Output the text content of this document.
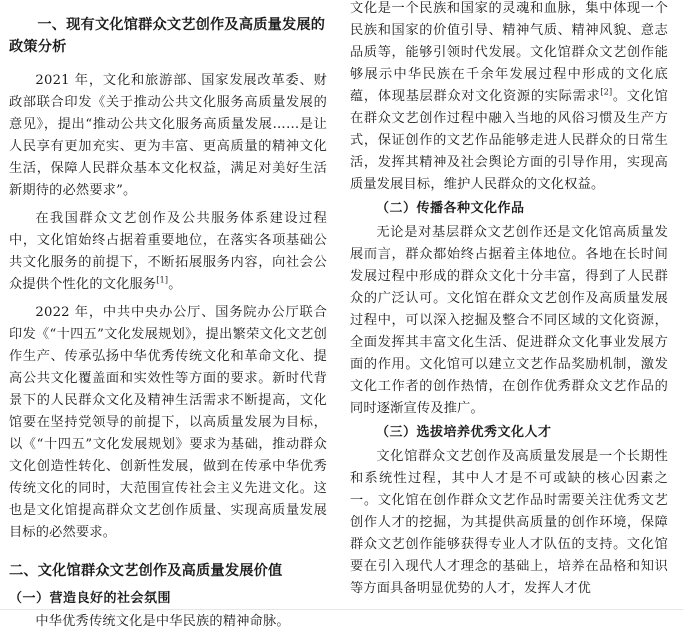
一、现有文化馆群众文艺创作及高质量发展的政策分析

2021 年，文化和旅游部、国家发展改革委、财政部联合印发《关于推动公共文化服务高质量发展的意见》，提出“推动公共文化服务高质量发展……是让人民享有更加充实、更为丰富、更高质量的精神文化生活，保障人民群众基本文化权益，满足对美好生活新期待的必然要求”。

在我国群众文艺创作及公共服务体系建设过程中，文化馆始终占据着重要地位，在落实各项基础公共文化服务的前提下，不断拓展服务内容，向社会公众提供个性化的文化服务[1]。

2022 年，中共中央办公厅、国务院办公厅联合印发《“十四五”文化发展规划》，提出繁荣文化文艺创作生产、传承弘扬中华优秀传统文化和革命文化、提高公共文化覆盖面和实效性等方面的要求。新时代背景下的人民群众文化及精神生活需求不断提高，文化馆要在坚持党领导的前提下，以高质量发展为目标，以《“十四五”文化发展规划》要求为基础，推动群众文化创造性转化、创新性发展，做到在传承中华优秀传统文化的同时，大范围宣传社会主义先进文化。这也是文化馆提高群众文艺创作质量、实现高质量发展目标的必然要求。

二、文化馆群众文艺创作及高质量发展价值
（一）营造良好的社会氛围

中华优秀传统文化是中华民族的精神命脉。

文化是一个民族和国家的灵魂和血脉，集中体现一个民族和国家的价值引导、精神气质、精神风貌、意志品质等，能够引领时代发展。文化馆群众文艺创作能够展示中华民族在千余年发展过程中形成的文化底蕴，体现基层群众对文化资源的实际需求[2]。文化馆在群众文艺创作过程中融入当地的风俗习惯及生产方式，保证创作的文艺作品能够走进人民群众的日常生活，发挥其精神及社会舆论方面的引导作用，实现高质量发展目标，维护人民群众的文化权益。

（二）传播各种文化作品

无论是对基层群众文艺创作还是文化馆高质量发展而言，群众都始终占据着主体地位。各地在长时间发展过程中形成的群众文化十分丰富，得到了人民群众的广泛认可。文化馆在群众文艺创作及高质量发展过程中，可以深入挖掘及整合不同区域的文化资源，全面发挥其丰富文化生活、促进群众文化事业发展方面的作用。文化馆可以建立文艺作品奖励机制，激发文化工作者的创作热情，在创作优秀群众文艺作品的同时逐渐宣传及推广。

（三）选拔培养优秀文化人才

文化馆群众文艺创作及高质量发展是一个长期性和系统性过程，其中人才是不可或缺的核心因素之一。文化馆在创作群众文艺作品时需要关注优秀文艺创作人才的挖掘，为其提供高质量的创作环境，保障群众文艺创作能够获得专业人才队伍的支持。文化馆要在引入现代人才理念的基础上，培养在品格和知识等方面具备明显优势的人才，发挥人才优
